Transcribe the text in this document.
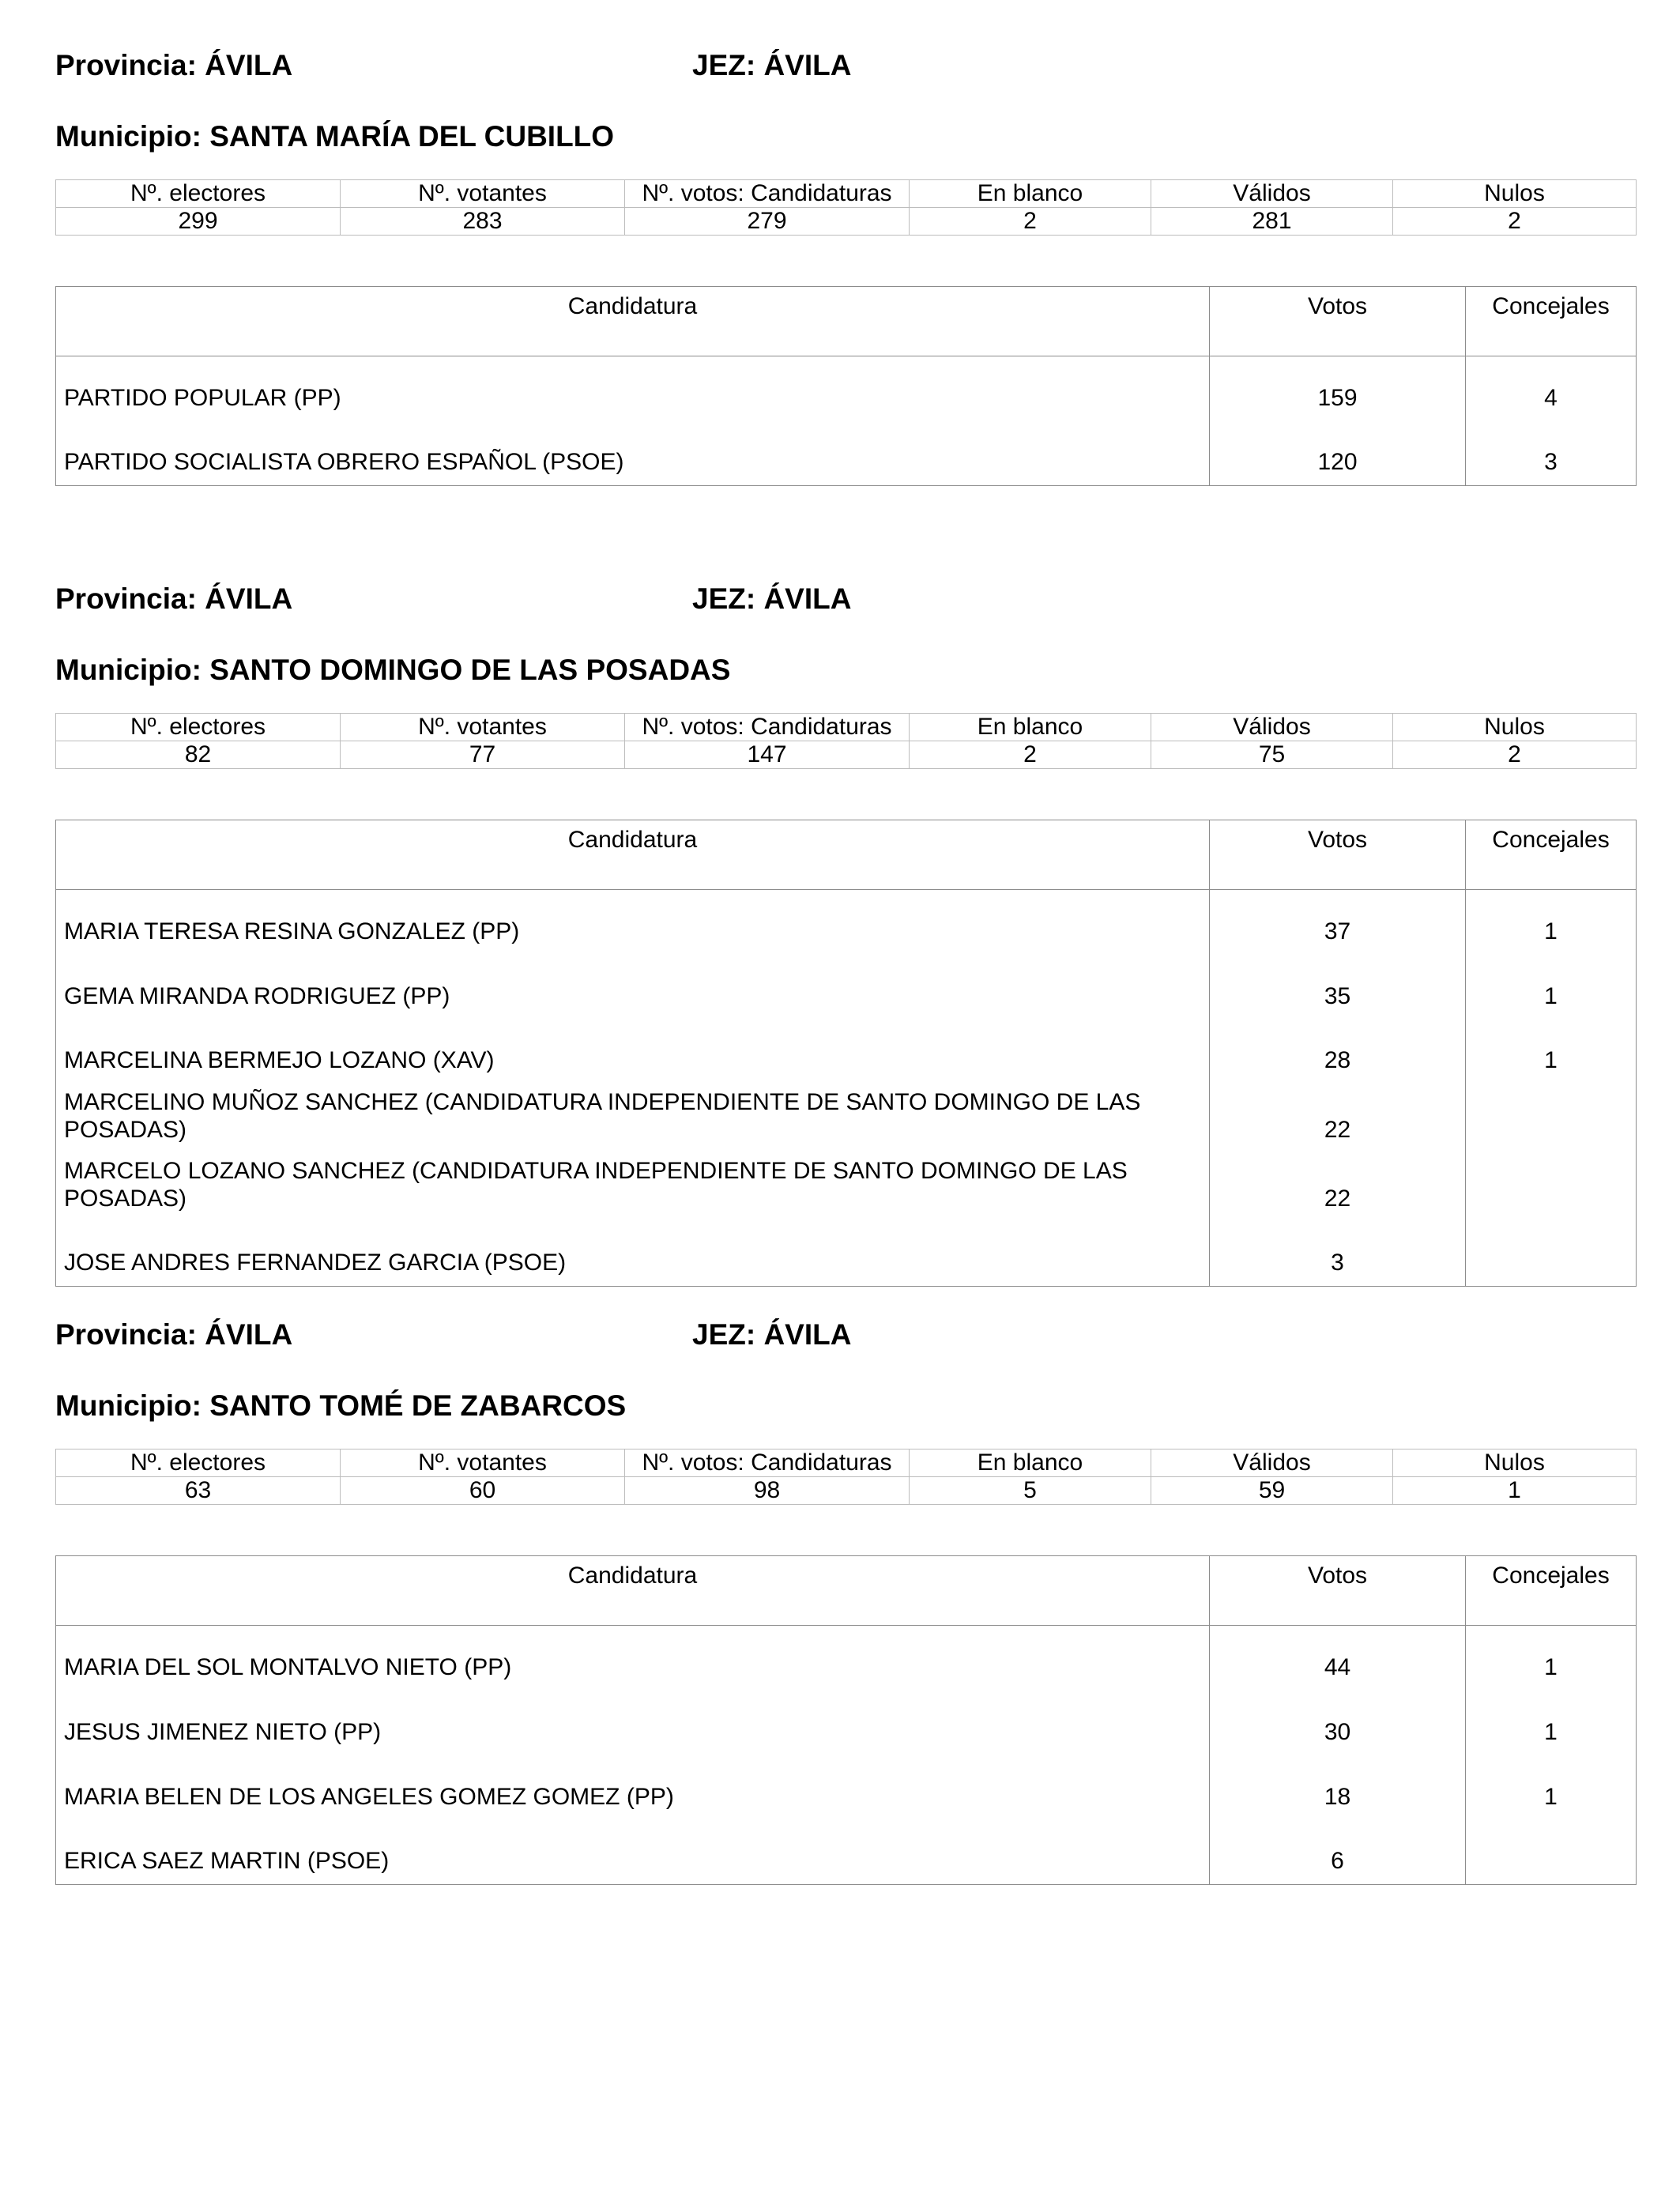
Provincia: ÁVILA	JEZ: ÁVILA
Municipio: SANTA MARÍA DEL CUBILLO
Nº. electores	Nº. votantes	Nº. votos: Candidaturas	En blanco	Válidos	Nulos
299	283	279	2	281	2
Candidatura	Votos	Concejales
PARTIDO POPULAR (PP)	159	4
PARTIDO SOCIALISTA OBRERO ESPAÑOL (PSOE)	120	3
Provincia: ÁVILA	JEZ: ÁVILA
Municipio: SANTO DOMINGO DE LAS POSADAS
Nº. electores	Nº. votantes	Nº. votos: Candidaturas	En blanco	Válidos	Nulos
82	77	147	2	75	2
Candidatura	Votos	Concejales
MARIA TERESA RESINA GONZALEZ (PP)	37	1
GEMA MIRANDA RODRIGUEZ (PP)	35	1
MARCELINA BERMEJO LOZANO (XAV)	28	1
MARCELINO MUÑOZ SANCHEZ (CANDIDATURA INDEPENDIENTE DE SANTO DOMINGO DE LAS POSADAS)	22	
MARCELO LOZANO SANCHEZ (CANDIDATURA INDEPENDIENTE DE SANTO DOMINGO DE LAS POSADAS)	22	
JOSE ANDRES FERNANDEZ GARCIA (PSOE)	3	
Provincia: ÁVILA	JEZ: ÁVILA
Municipio: SANTO TOMÉ DE ZABARCOS
Nº. electores	Nº. votantes	Nº. votos: Candidaturas	En blanco	Válidos	Nulos
63	60	98	5	59	1
Candidatura	Votos	Concejales
MARIA DEL SOL MONTALVO NIETO (PP)	44	1
JESUS JIMENEZ NIETO (PP)	30	1
MARIA BELEN DE LOS ANGELES GOMEZ GOMEZ (PP)	18	1
ERICA SAEZ MARTIN (PSOE)	6	
